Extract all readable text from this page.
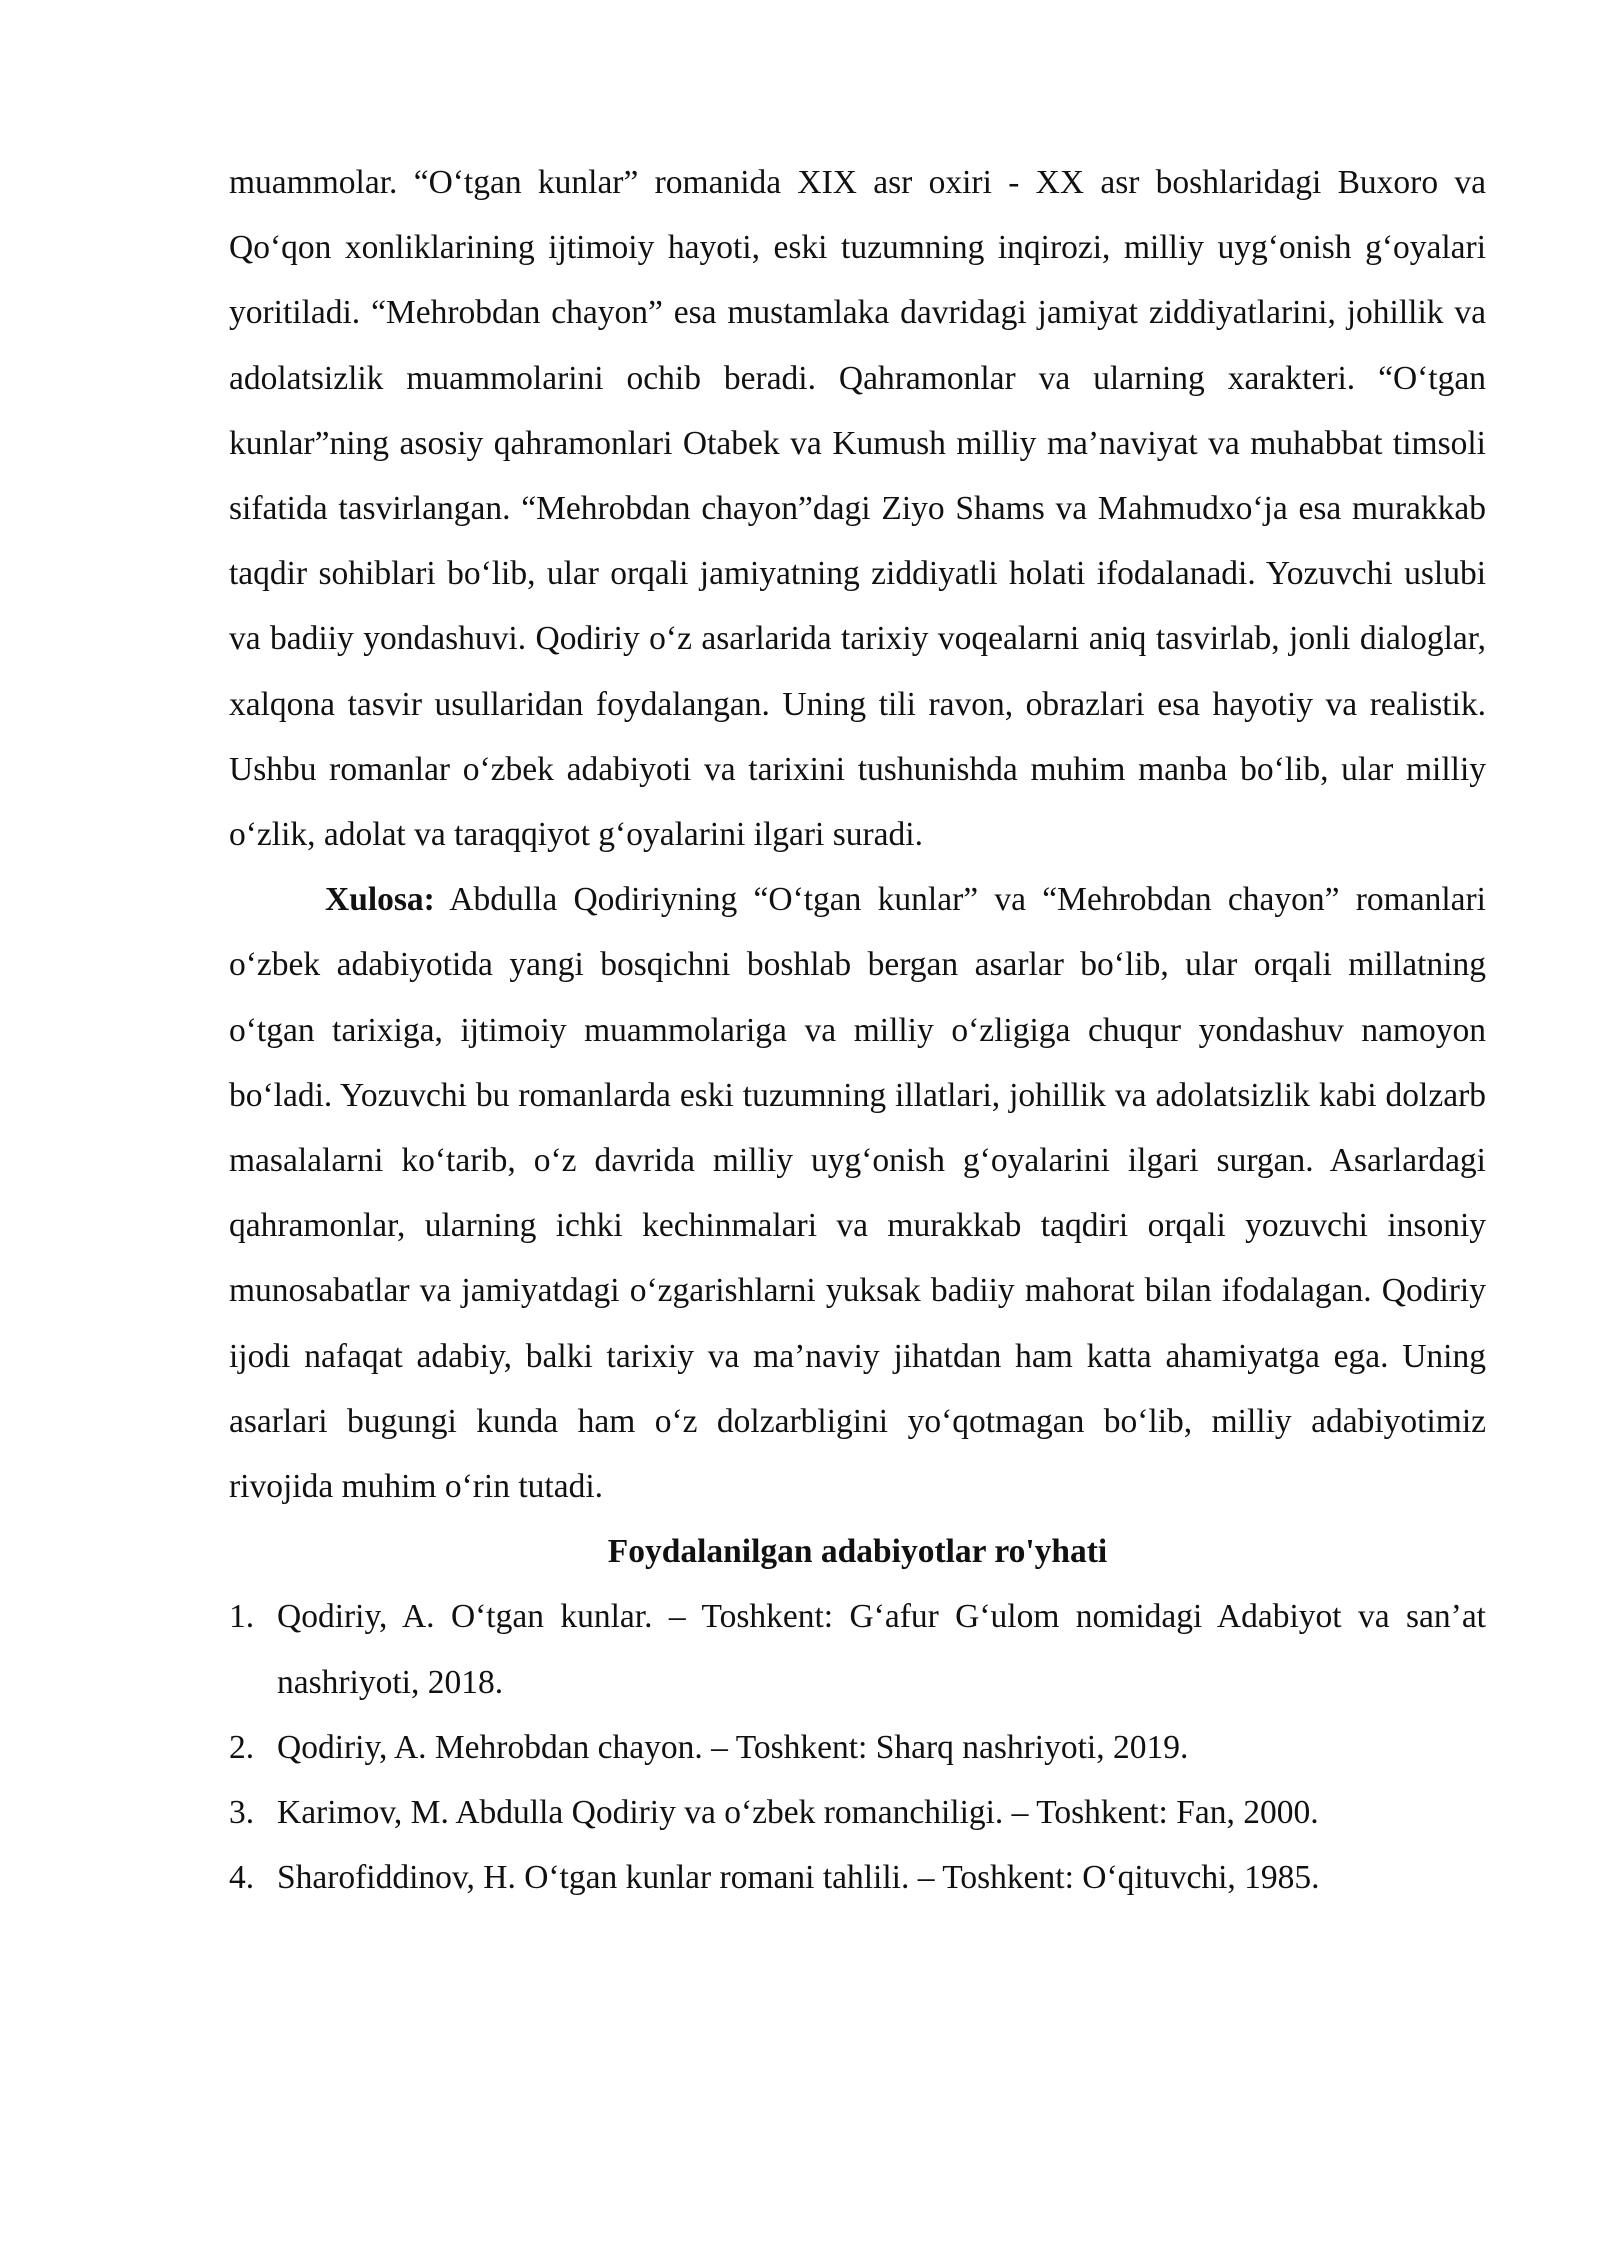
muammolar. “O‘tgan kunlar” romanida XIX asr oxiri - XX asr boshlaridagi Buxoro va Qo‘qon xonliklarining ijtimoiy hayoti, eski tuzumning inqirozi, milliy uyg‘onish g‘oyalari yoritiladi. “Mehrobdan chayon” esa mustamlaka davridagi jamiyat ziddiyatlarini, johillik va adolatsizlik muammolarini ochib beradi. Qahramonlar va ularning xarakteri. “O‘tgan kunlar”ning asosiy qahramonlari Otabek va Kumush milliy ma’naviyat va muhabbat timsoli sifatida tasvirlangan. “Mehrobdan chayon”dagi Ziyo Shams va Mahmudxo‘ja esa murakkab taqdir sohiblari bo‘lib, ular orqali jamiyatning ziddiyatli holati ifodalanadi. Yozuvchi uslubi va badiiy yondashuvi. Qodiriy o‘z asarlarida tarixiy voqealarni aniq tasvirlab, jonli dialoglar, xalqona tasvir usullaridan foydalangan. Uning tili ravon, obrazlari esa hayotiy va realistik. Ushbu romanlar o‘zbek adabiyoti va tarixini tushunishda muhim manba bo‘lib, ular milliy o‘zlik, adolat va taraqqiyot g‘oyalarini ilgari suradi.

Xulosa: Abdulla Qodiriyning “O‘tgan kunlar” va “Mehrobdan chayon” romanlari o‘zbek adabiyotida yangi bosqichni boshlab bergan asarlar bo‘lib, ular orqali millatning o‘tgan tarixiga, ijtimoiy muammolariga va milliy o‘zligiga chuqur yondashuv namoyon bo‘ladi. Yozuvchi bu romanlarda eski tuzumning illatlari, johillik va adolatsizlik kabi dolzarb masalalarni ko‘tarib, o‘z davrida milliy uyg‘onish g‘oyalarini ilgari surgan. Asarlardagi qahramonlar, ularning ichki kechinmalari va murakkab taqdiri orqali yozuvchi insoniy munosabatlar va jamiyatdagi o‘zgarishlarni yuksak badiiy mahorat bilan ifodalagan. Qodiriy ijodi nafaqat adabiy, balki tarixiy va ma’naviy jihatdan ham katta ahamiyatga ega. Uning asarlari bugungi kunda ham o‘z dolzarbligini yo‘qotmagan bo‘lib, milliy adabiyotimiz rivojida muhim o‘rin tutadi.

Foydalanilgan adabiyotlar ro'yhati

1. Qodiriy, A. O‘tgan kunlar. – Toshkent: G‘afur G‘ulom nomidagi Adabiyot va san’at nashriyoti, 2018.
2. Qodiriy, A. Mehrobdan chayon. – Toshkent: Sharq nashriyoti, 2019.
3. Karimov, M. Abdulla Qodiriy va o‘zbek romanchiligi. – Toshkent: Fan, 2000.
4. Sharofiddinov, H. O‘tgan kunlar romani tahlili. – Toshkent: O‘qituvchi, 1985.
